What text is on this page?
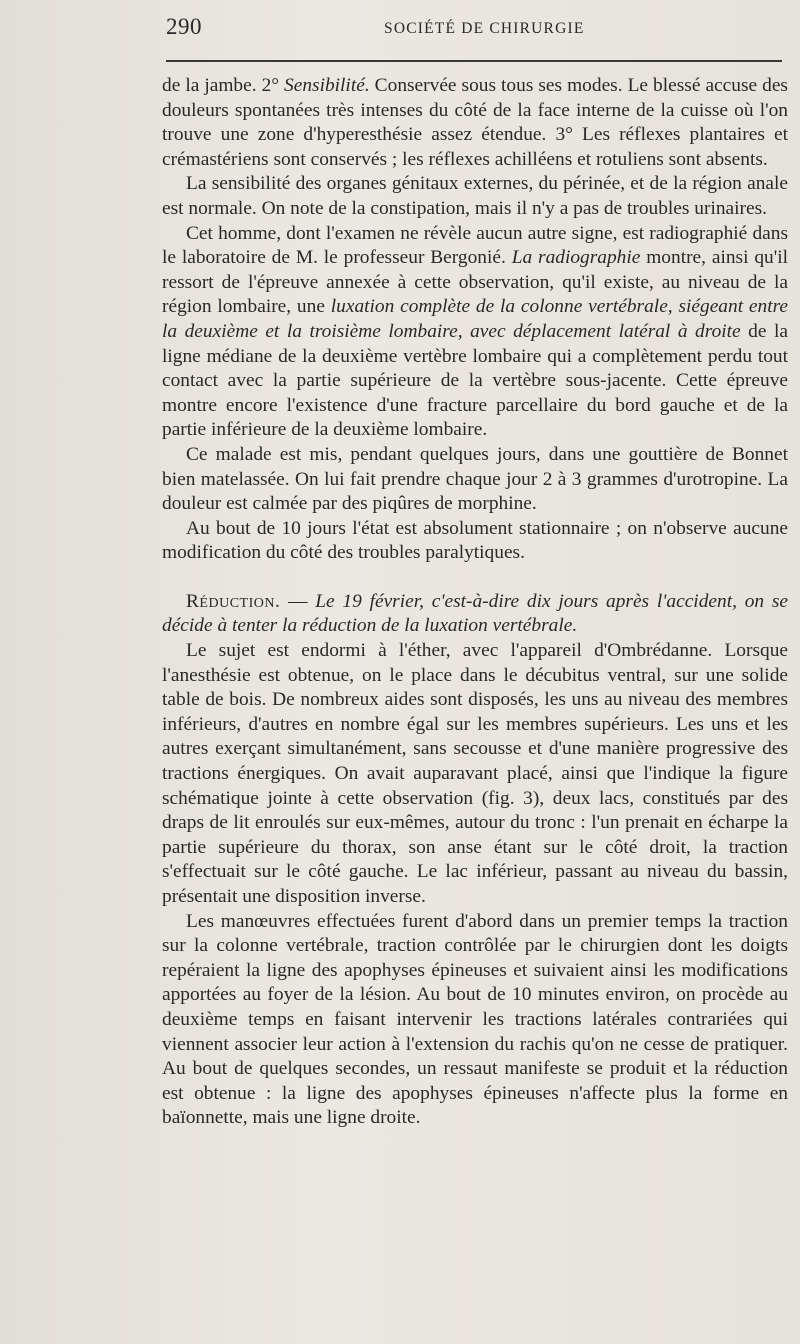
290	SOCIÉTÉ DE CHIRURGIE

de la jambe. 2° Sensibilité. Conservée sous tous ses modes. Le blessé accuse des douleurs spontanées très intenses du côté de la face interne de la cuisse où l'on trouve une zone d'hyperesthésie assez étendue. 3° Les réflexes plantaires et crémastériens sont conservés ; les réflexes achilléens et rotuliens sont absents.

La sensibilité des organes génitaux externes, du périnée, et de la région anale est normale. On note de la constipation, mais il n'y a pas de troubles urinaires.

Cet homme, dont l'examen ne révèle aucun autre signe, est radiographié dans le laboratoire de M. le professeur Bergonié. La radiographie montre, ainsi qu'il ressort de l'épreuve annexée à cette observation, qu'il existe, au niveau de la région lombaire, une luxation complète de la colonne vertébrale, siégeant entre la deuxième et la troisième lombaire, avec déplacement latéral à droite de la ligne médiane de la deuxième vertèbre lombaire qui a complètement perdu tout contact avec la partie supérieure de la vertèbre sous-jacente. Cette épreuve montre encore l'existence d'une fracture parcellaire du bord gauche et de la partie inférieure de la deuxième lombaire.

Ce malade est mis, pendant quelques jours, dans une gouttière de Bonnet bien matelassée. On lui fait prendre chaque jour 2 à 3 grammes d'urotropine. La douleur est calmée par des piqûres de morphine.

Au bout de 10 jours l'état est absolument stationnaire ; on n'observe aucune modification du côté des troubles paralytiques.

Réduction. — Le 19 février, c'est-à-dire dix jours après l'accident, on se décide à tenter la réduction de la luxation vertébrale.

Le sujet est endormi à l'éther, avec l'appareil d'Ombrédanne. Lorsque l'anesthésie est obtenue, on le place dans le décubitus ventral, sur une solide table de bois. De nombreux aides sont disposés, les uns au niveau des membres inférieurs, d'autres en nombre égal sur les membres supérieurs. Les uns et les autres exerçant simultanément, sans secousse et d'une manière progressive des tractions énergiques. On avait auparavant placé, ainsi que l'indique la figure schématique jointe à cette observation (fig. 3), deux lacs, constitués par des draps de lit enroulés sur eux-mêmes, autour du tronc : l'un prenait en écharpe la partie supérieure du thorax, son anse étant sur le côté droit, la traction s'effectuait sur le côté gauche. Le lac inférieur, passant au niveau du bassin, présentait une disposition inverse.

Les manœuvres effectuées furent d'abord dans un premier temps la traction sur la colonne vertébrale, traction contrôlée par le chirurgien dont les doigts repéraient la ligne des apophyses épineuses et suivaient ainsi les modifications apportées au foyer de la lésion. Au bout de 10 minutes environ, on procède au deuxième temps en faisant intervenir les tractions latérales contrariées qui viennent associer leur action à l'extension du rachis qu'on ne cesse de pratiquer. Au bout de quelques secondes, un ressaut manifeste se produit et la réduction est obtenue : la ligne des apophyses épineuses n'affecte plus la forme en baïonnette, mais une ligne droite.
